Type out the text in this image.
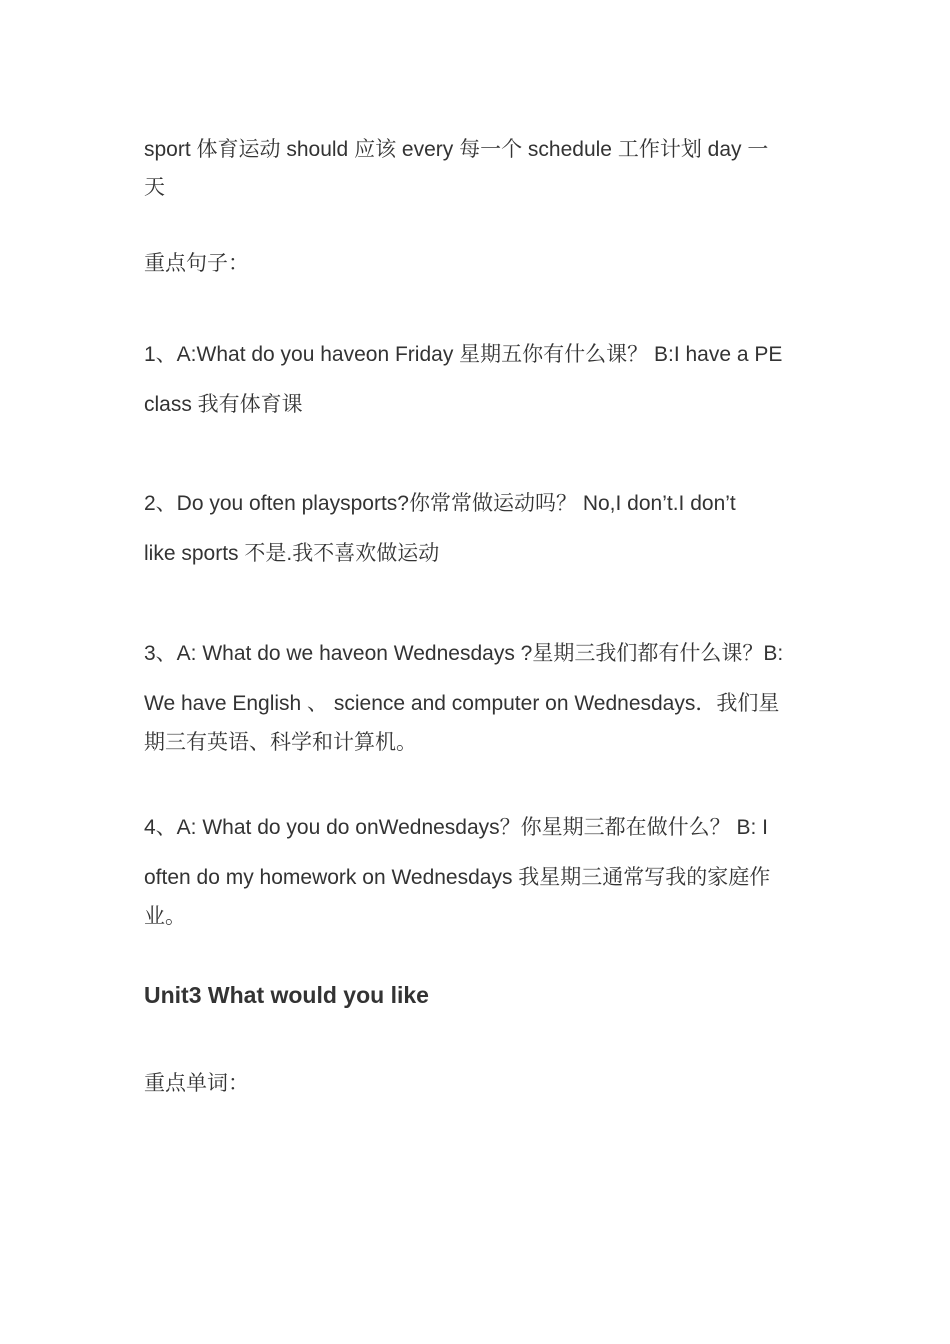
sport 体育运动 should 应该 every 每一个 schedule 工作计划 day 一
天
重点句子：
1、A:What do you haveon Friday 星期五你有什么课？ B:I have a PE
class 我有体育课
2、Do you often playsports?你常常做运动吗？ No,I don’t.I don’t
like sports 不是.我不喜欢做运动
3、A: What do we haveon Wednesdays ?星期三我们都有什么课？B:
We have English 、 science and computer on Wednesdays．我们星
期三有英语、科学和计算机。
4、A: What do you do onWednesdays？你星期三都在做什么？ B: I
often do my homework on Wednesdays 我星期三通常写我的家庭作
业。
Unit3 What would you like
重点单词：
